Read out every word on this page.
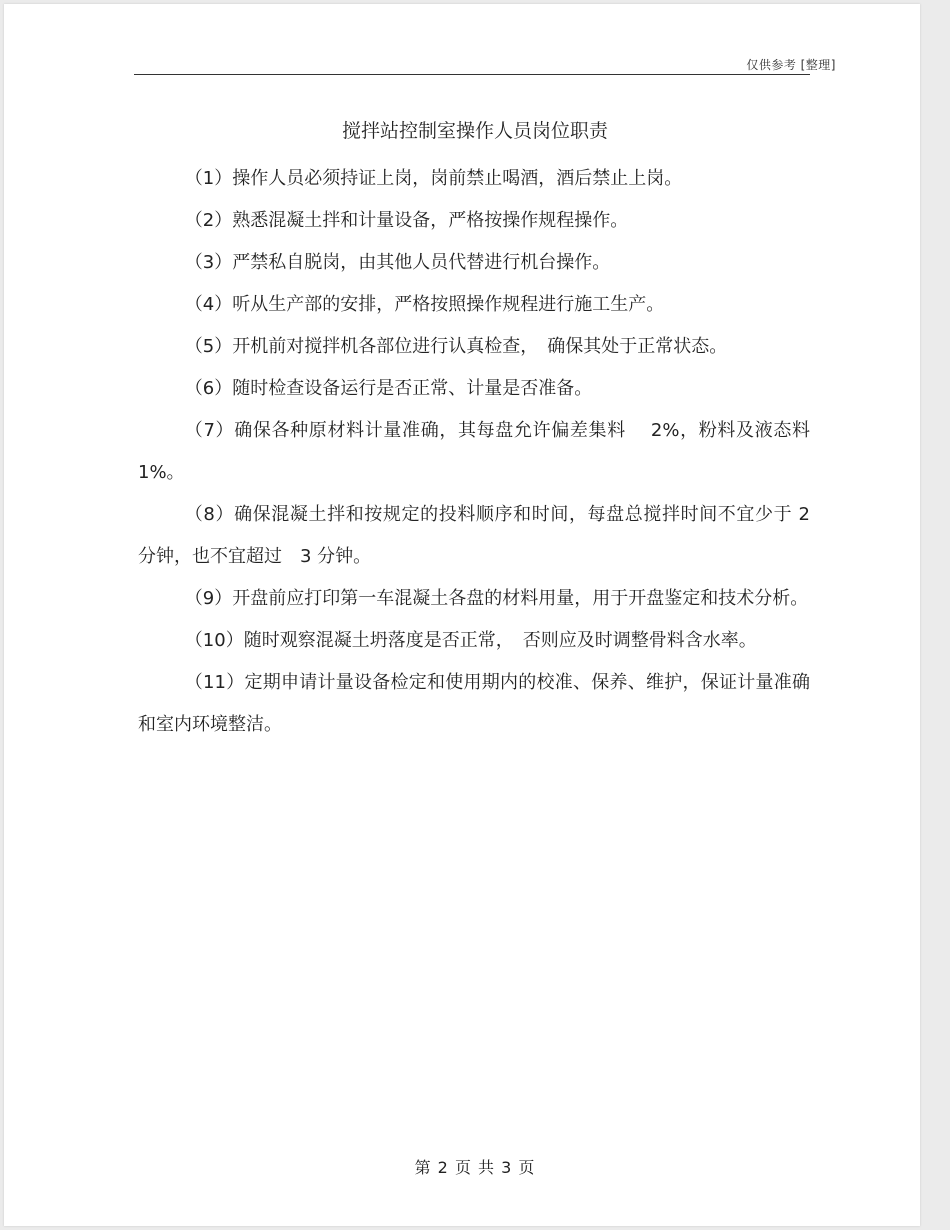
仅供参考 [整理]
搅拌站控制室操作人员岗位职责

（1）操作人员必须持证上岗，岗前禁止喝酒，酒后禁止上岗。

（2）熟悉混凝土拌和计量设备，严格按操作规程操作。

（3）严禁私自脱岗，由其他人员代替进行机台操作。

（4）听从生产部的安排，严格按照操作规程进行施工生产。

（5）开机前对搅拌机各部位进行认真检查，　确保其处于正常状态。

（6）随时检查设备运行是否正常、计量是否准备。

（7）确保各种原材料计量准确，其每盘允许偏差集料　 2%，粉料及液态料 1%。

（8）确保混凝土拌和按规定的投料顺序和时间，每盘总搅拌时间不宜少于 2 分钟，也不宜超过　3 分钟。

（9）开盘前应打印第一车混凝土各盘的材料用量，用于开盘鉴定和技术分析。

（10）随时观察混凝土坍落度是否正常，　否则应及时调整骨料含水率。

（11）定期申请计量设备检定和使用期内的校准、保养、维护，保证计量准确和室内环境整洁。

第 2 页 共 3 页
